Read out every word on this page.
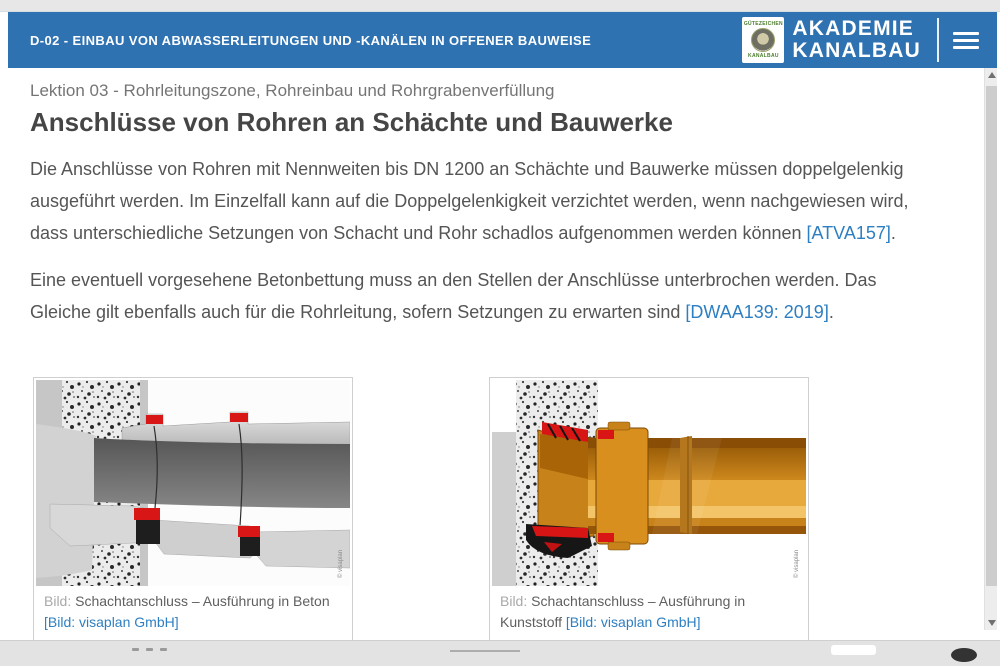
D-02 - EINBAU VON ABWASSERLEITUNGEN UND -KANÄLEN IN OFFENER BAUWEISE
GÜTEZEICHEN
KANALBAU
AKADEMIE
KANALBAU
Lektion 03 - Rohrleitungszone, Rohreinbau und Rohrgrabenverfüllung
Anschlüsse von Rohren an Schächte und Bauwerke

Die Anschlüsse von Rohren mit Nennweiten bis DN 1200 an Schächte und Bauwerke müssen doppelgelenkig ausgeführt werden. Im Einzelfall kann auf die Doppelgelenkigkeit verzichtet werden, wenn nachgewiesen wird, dass unterschiedliche Setzungen von Schacht und Rohr schadlos aufgenommen werden können [ATVA157].

Eine eventuell vorgesehene Betonbettung muss an den Stellen der Anschlüsse unterbrochen werden. Das Gleiche gilt ebenfalls auch für die Rohrleitung, sofern Setzungen zu erwarten sind [DWAA139: 2019].

© visaplan
Bild: Schachtanschluss – Ausführung in Beton [Bild: visaplan GmbH]
© visaplan
Bild: Schachtanschluss – Ausführung in Kunststoff [Bild: visaplan GmbH]
